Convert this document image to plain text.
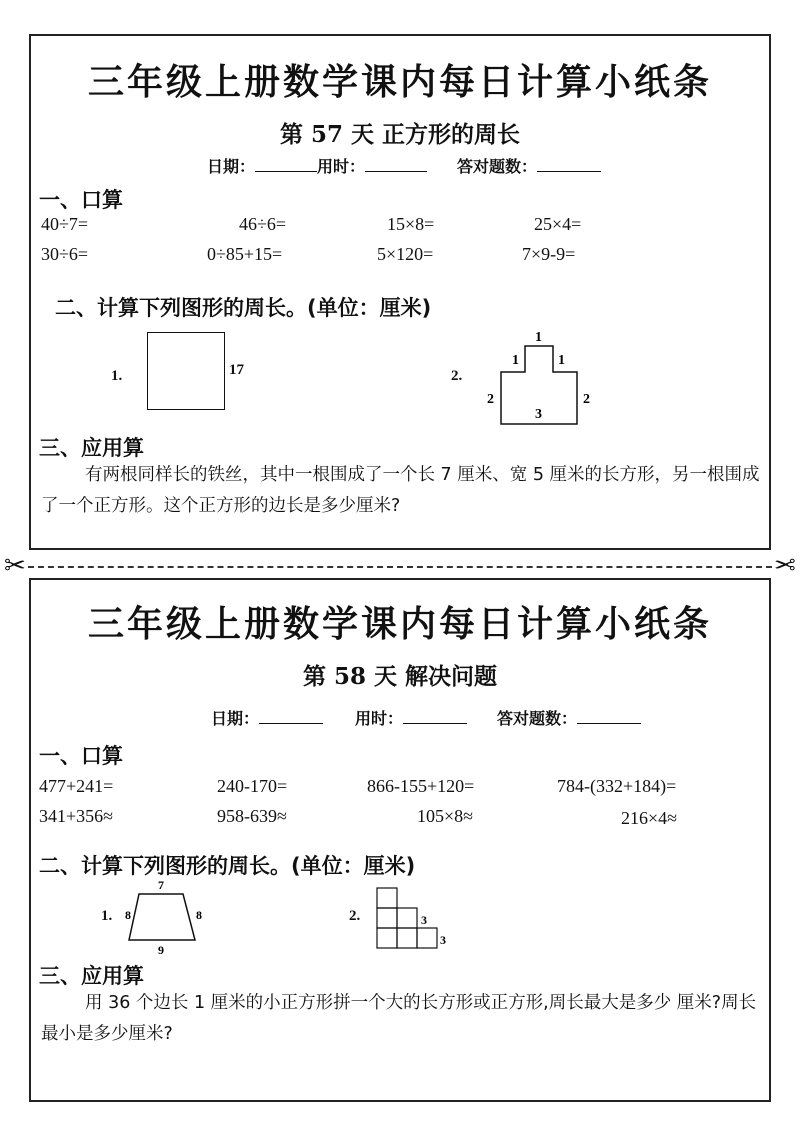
三年级上册数学课内每日计算小纸条
第 57 天 正方形的周长
日期：	用时：	答对题数：
一、口算
40÷7=	46÷6=	15×8=	25×4=
30÷6=	0÷85+15=	5×120=	7×9-9=
二、计算下列图形的周长。(单位：厘米)
1.	17	2.
1
1	1
2	2
3
三、应用算
有两根同样长的铁丝，其中一根围成了一个长 7 厘米、宽 5 厘米的长方形，另一根围成了一个正方形。这个正方形的边长是多少厘米?
✂	✂
三年级上册数学课内每日计算小纸条
第 58 天 解决问题
日期：	用时：	答对题数：
一、口算
477+241=	240-170=	866-155+120=	784-(332+184)=
341+356≈	958-639≈	105×8≈	216×4≈
二、计算下列图形的周长。(单位：厘米)
1.
7
8	8
9
2.	3
3
三、应用算
用 36 个边长 1 厘米的小正方形拼一个大的长方形或正方形,周长最大是多少 厘米?周长最小是多少厘米?
